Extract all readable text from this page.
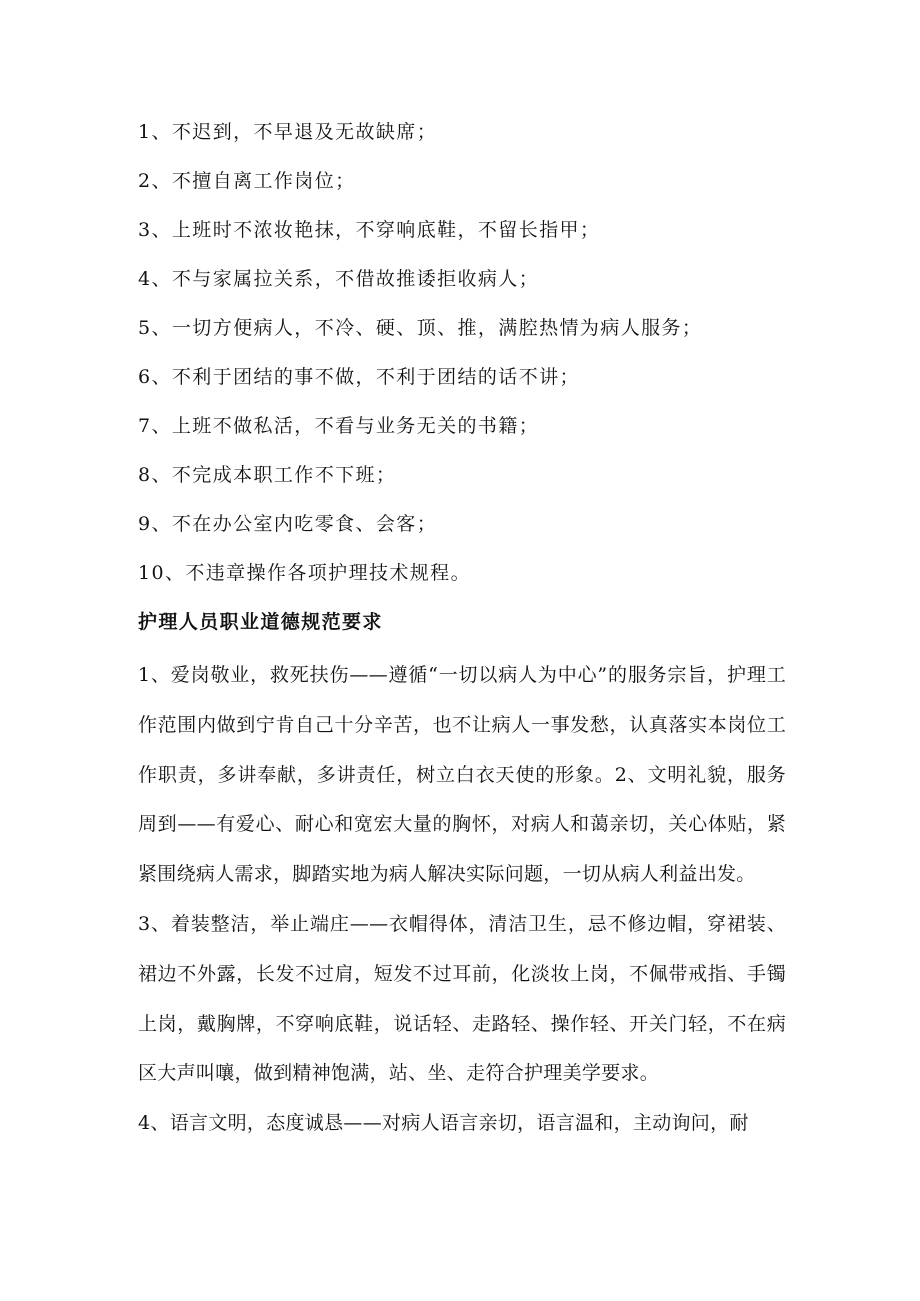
1、不迟到，不早退及无故缺席；
2、不擅自离工作岗位；
3、上班时不浓妆艳抹，不穿响底鞋，不留长指甲；
4、不与家属拉关系，不借故推诿拒收病人；
5、一切方便病人，不冷、硬、顶、推，满腔热情为病人服务；
6、不利于团结的事不做，不利于团结的话不讲；
7、上班不做私活，不看与业务无关的书籍；
8、不完成本职工作不下班；
9、不在办公室内吃零食、会客；
10、不违章操作各项护理技术规程。
护理人员职业道德规范要求

1、爱岗敬业，救死扶伤——遵循“一切以病人为中心”的服务宗旨，护理工作范围内做到宁肯自己十分辛苦，也不让病人一事发愁，认真落实本岗位工作职责，多讲奉献，多讲责任，树立白衣天使的形象。2、文明礼貌，服务周到——有爱心、耐心和宽宏大量的胸怀，对病人和蔼亲切，关心体贴，紧紧围绕病人需求，脚踏实地为病人解决实际问题，一切从病人利益出发。

3、着装整洁，举止端庄——衣帽得体，清洁卫生，忌不修边帽，穿裙装、裙边不外露，长发不过肩，短发不过耳前，化淡妆上岗，不佩带戒指、手镯上岗，戴胸牌，不穿响底鞋，说话轻、走路轻、操作轻、开关门轻，不在病区大声叫嚷，做到精神饱满，站、坐、走符合护理美学要求。

4、语言文明，态度诚恳——对病人语言亲切，语言温和，主动询问，耐
